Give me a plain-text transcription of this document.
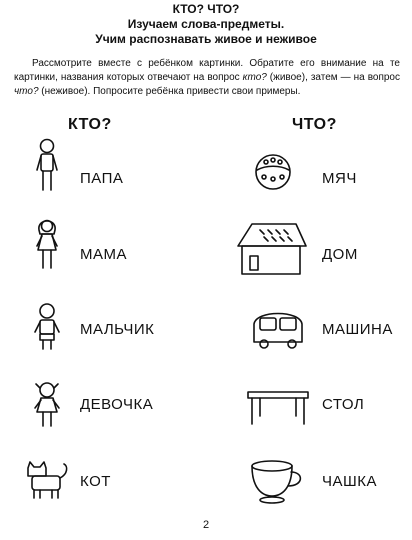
КТО? ЧТО?
Изучаем слова-предметы.
Учим распознавать живое и неживое
Рассмотрите вместе с ребёнком картинки. Обратите его внимание на те картинки, названия которых отвечают на вопрос кто? (живое), затем — на вопрос что? (неживое). Попросите ребёнка привести свои примеры.
КТО?	ЧТО?
ПАПА
МАМА
МАЛЬЧИК
ДЕВОЧКА
КОТ
МЯЧ
ДОМ
МАШИНА
СТОЛ
ЧАШКА
2
